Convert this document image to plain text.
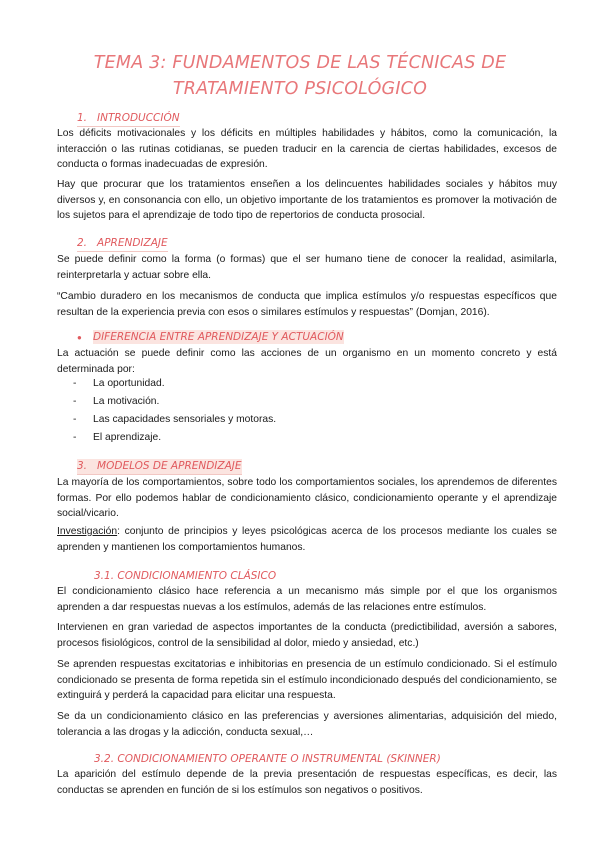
TEMA 3: FUNDAMENTOS DE LAS TÉCNICAS DE TRATAMIENTO PSICOLÓGICO
1. INTRODUCCIÓN
Los déficits motivacionales y los déficits en múltiples habilidades y hábitos, como la comunicación, la interacción o las rutinas cotidianas, se pueden traducir en la carencia de ciertas habilidades, excesos de conducta o formas inadecuadas de expresión.
Hay que procurar que los tratamientos enseñen a los delincuentes habilidades sociales y hábitos muy diversos y, en consonancia con ello, un objetivo importante de los tratamientos es promover la motivación de los sujetos para el aprendizaje de todo tipo de repertorios de conducta prosocial.
2. APRENDIZAJE
Se puede definir como la forma (o formas) que el ser humano tiene de conocer la realidad, asimilarla, reinterpretarla y actuar sobre ella.
“Cambio duradero en los mecanismos de conducta que implica estímulos y/o respuestas específicos que resultan de la experiencia previa con esos o similares estímulos y respuestas” (Domjan, 2016).
● DIFERENCIA ENTRE APRENDIZAJE Y ACTUACIÓN
La actuación se puede definir como las acciones de un organismo en un momento concreto y está determinada por:
- La oportunidad.
- La motivación.
- Las capacidades sensoriales y motoras.
- El aprendizaje.
3. MODELOS DE APRENDIZAJE
La mayoría de los comportamientos, sobre todo los comportamientos sociales, los aprendemos de diferentes formas. Por ello podemos hablar de condicionamiento clásico, condicionamiento operante y el aprendizaje social/vicario.
Investigación: conjunto de principios y leyes psicológicas acerca de los procesos mediante los cuales se aprenden y mantienen los comportamientos humanos.
3.1. CONDICIONAMIENTO CLÁSICO
El condicionamiento clásico hace referencia a un mecanismo más simple por el que los organismos aprenden a dar respuestas nuevas a los estímulos, además de las relaciones entre estímulos.
Intervienen en gran variedad de aspectos importantes de la conducta (predictibilidad, aversión a sabores, procesos fisiológicos, control de la sensibilidad al dolor, miedo y ansiedad, etc.)
Se aprenden respuestas excitatorias e inhibitorias en presencia de un estímulo condicionado. Si el estímulo condicionado se presenta de forma repetida sin el estímulo incondicionado después del condicionamiento, se extinguirá y perderá la capacidad para elicitar una respuesta.
Se da un condicionamiento clásico en las preferencias y aversiones alimentarias, adquisición del miedo, tolerancia a las drogas y la adicción, conducta sexual,…
3.2. CONDICIONAMIENTO OPERANTE O INSTRUMENTAL (SKINNER)
La aparición del estímulo depende de la previa presentación de respuestas específicas, es decir, las conductas se aprenden en función de si los estímulos son negativos o positivos.
